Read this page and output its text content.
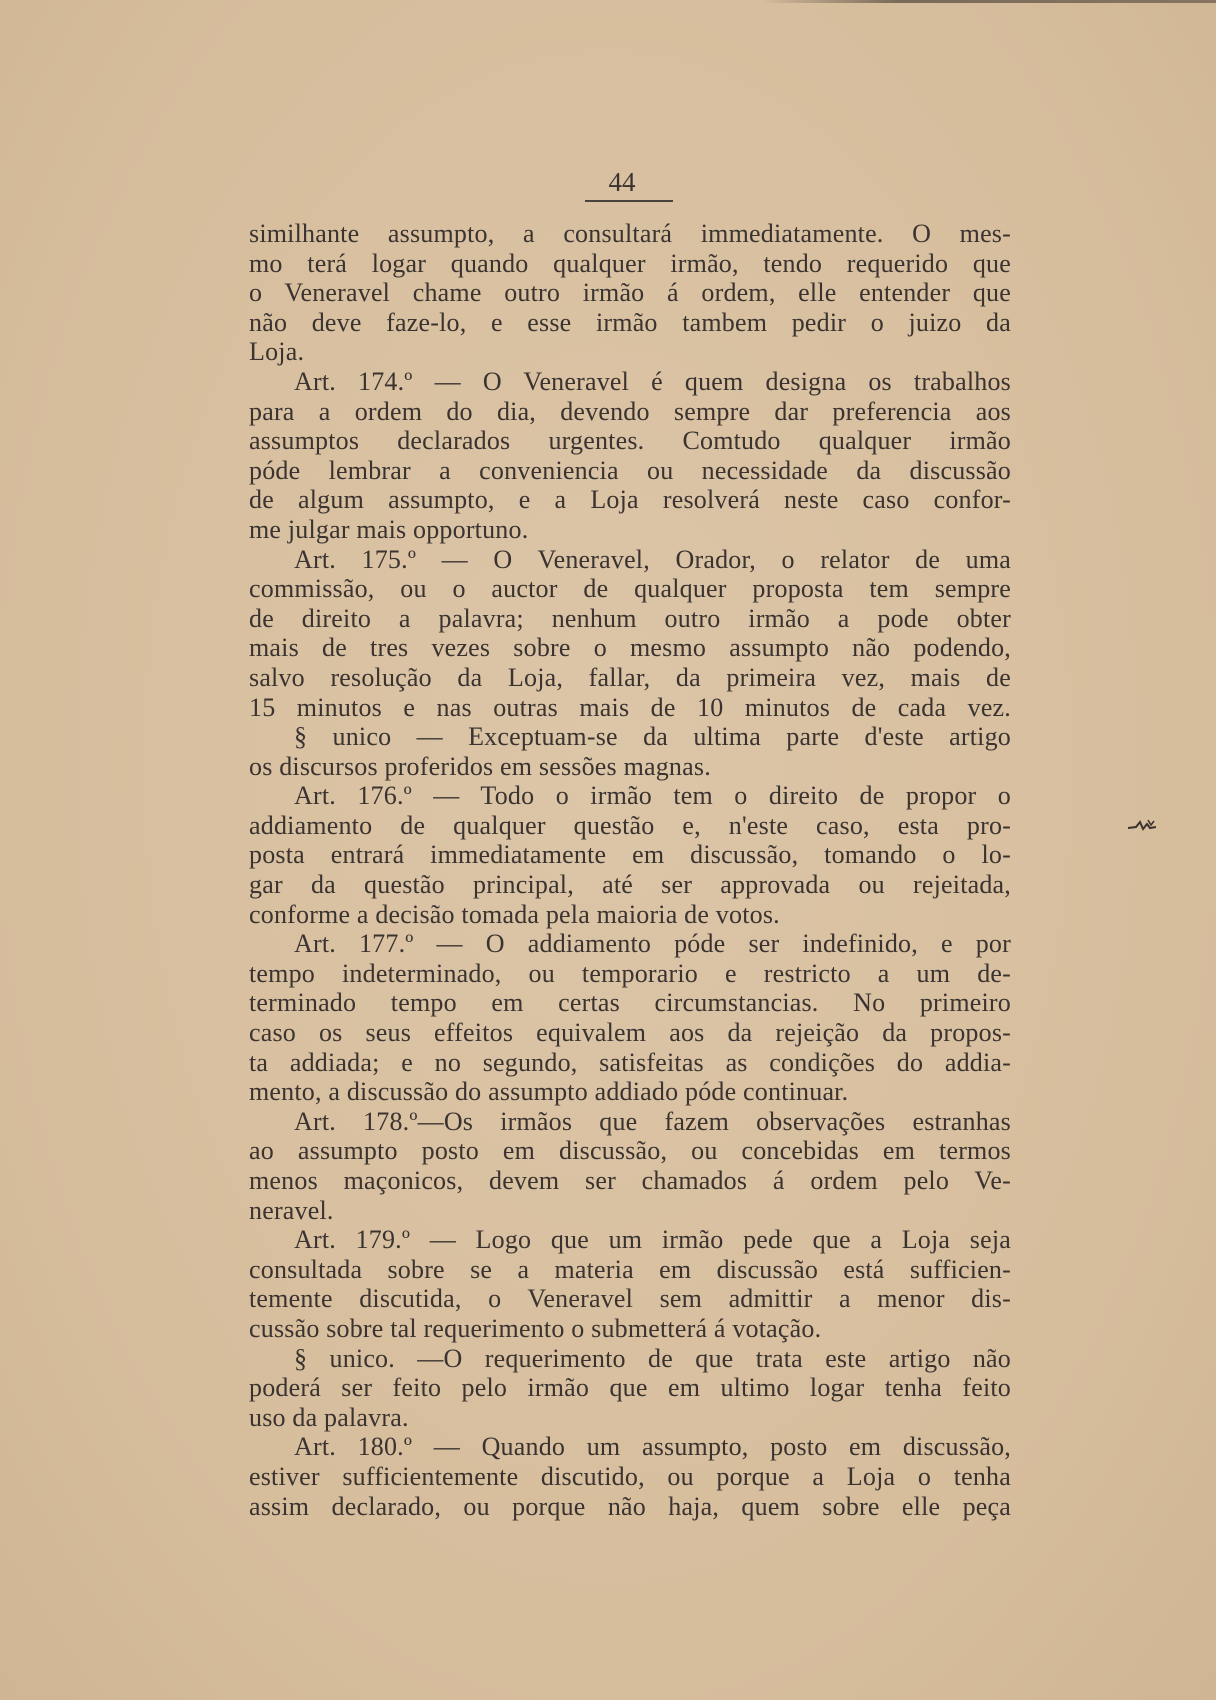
44
similhante assumpto, a consultará immediatamente. O mes-
mo terá logar quando qualquer irmão, tendo requerido que
o Veneravel chame outro irmão á ordem, elle entender que
não deve faze-lo, e esse irmão tambem pedir o juizo da
Loja.
Art. 174.º — O Veneravel é quem designa os trabalhos
para a ordem do dia, devendo sempre dar preferencia aos
assumptos declarados urgentes. Comtudo qualquer irmão
póde lembrar a conveniencia ou necessidade da discussão
de algum assumpto, e a Loja resolverá neste caso confor-
me julgar mais opportuno.
Art. 175.º — O Veneravel, Orador, o relator de uma
commissão, ou o auctor de qualquer proposta tem sempre
de direito a palavra; nenhum outro irmão a pode obter
mais de tres vezes sobre o mesmo assumpto não podendo,
salvo resolução da Loja, fallar, da primeira vez, mais de
15 minutos e nas outras mais de 10 minutos de cada vez.
§ unico — Exceptuam-se da ultima parte d'este artigo
os discursos proferidos em sessões magnas.
Art. 176.º — Todo o irmão tem o direito de propor o
addiamento de qualquer questão e, n'este caso, esta pro-
posta entrará immediatamente em discussão, tomando o lo-
gar da questão principal, até ser approvada ou rejeitada,
conforme a decisão tomada pela maioria de votos.
Art. 177.º — O addiamento póde ser indefinido, e por
tempo indeterminado, ou temporario e restricto a um de-
terminado tempo em certas circumstancias. No primeiro
caso os seus effeitos equivalem aos da rejeição da propos-
ta addiada; e no segundo, satisfeitas as condições do addia-
mento, a discussão do assumpto addiado póde continuar.
Art. 178.º—Os irmãos que fazem observações estranhas
ao assumpto posto em discussão, ou concebidas em termos
menos maçonicos, devem ser chamados á ordem pelo Ve-
neravel.
Art. 179.º — Logo que um irmão pede que a Loja seja
consultada sobre se a materia em discussão está sufficien-
temente discutida, o Veneravel sem admittir a menor dis-
cussão sobre tal requerimento o submetterá á votação.
§ unico. —O requerimento de que trata este artigo não
poderá ser feito pelo irmão que em ultimo logar tenha feito
uso da palavra.
Art. 180.º — Quando um assumpto, posto em discussão,
estiver sufficientemente discutido, ou porque a Loja o tenha
assim declarado, ou porque não haja, quem sobre elle peça
